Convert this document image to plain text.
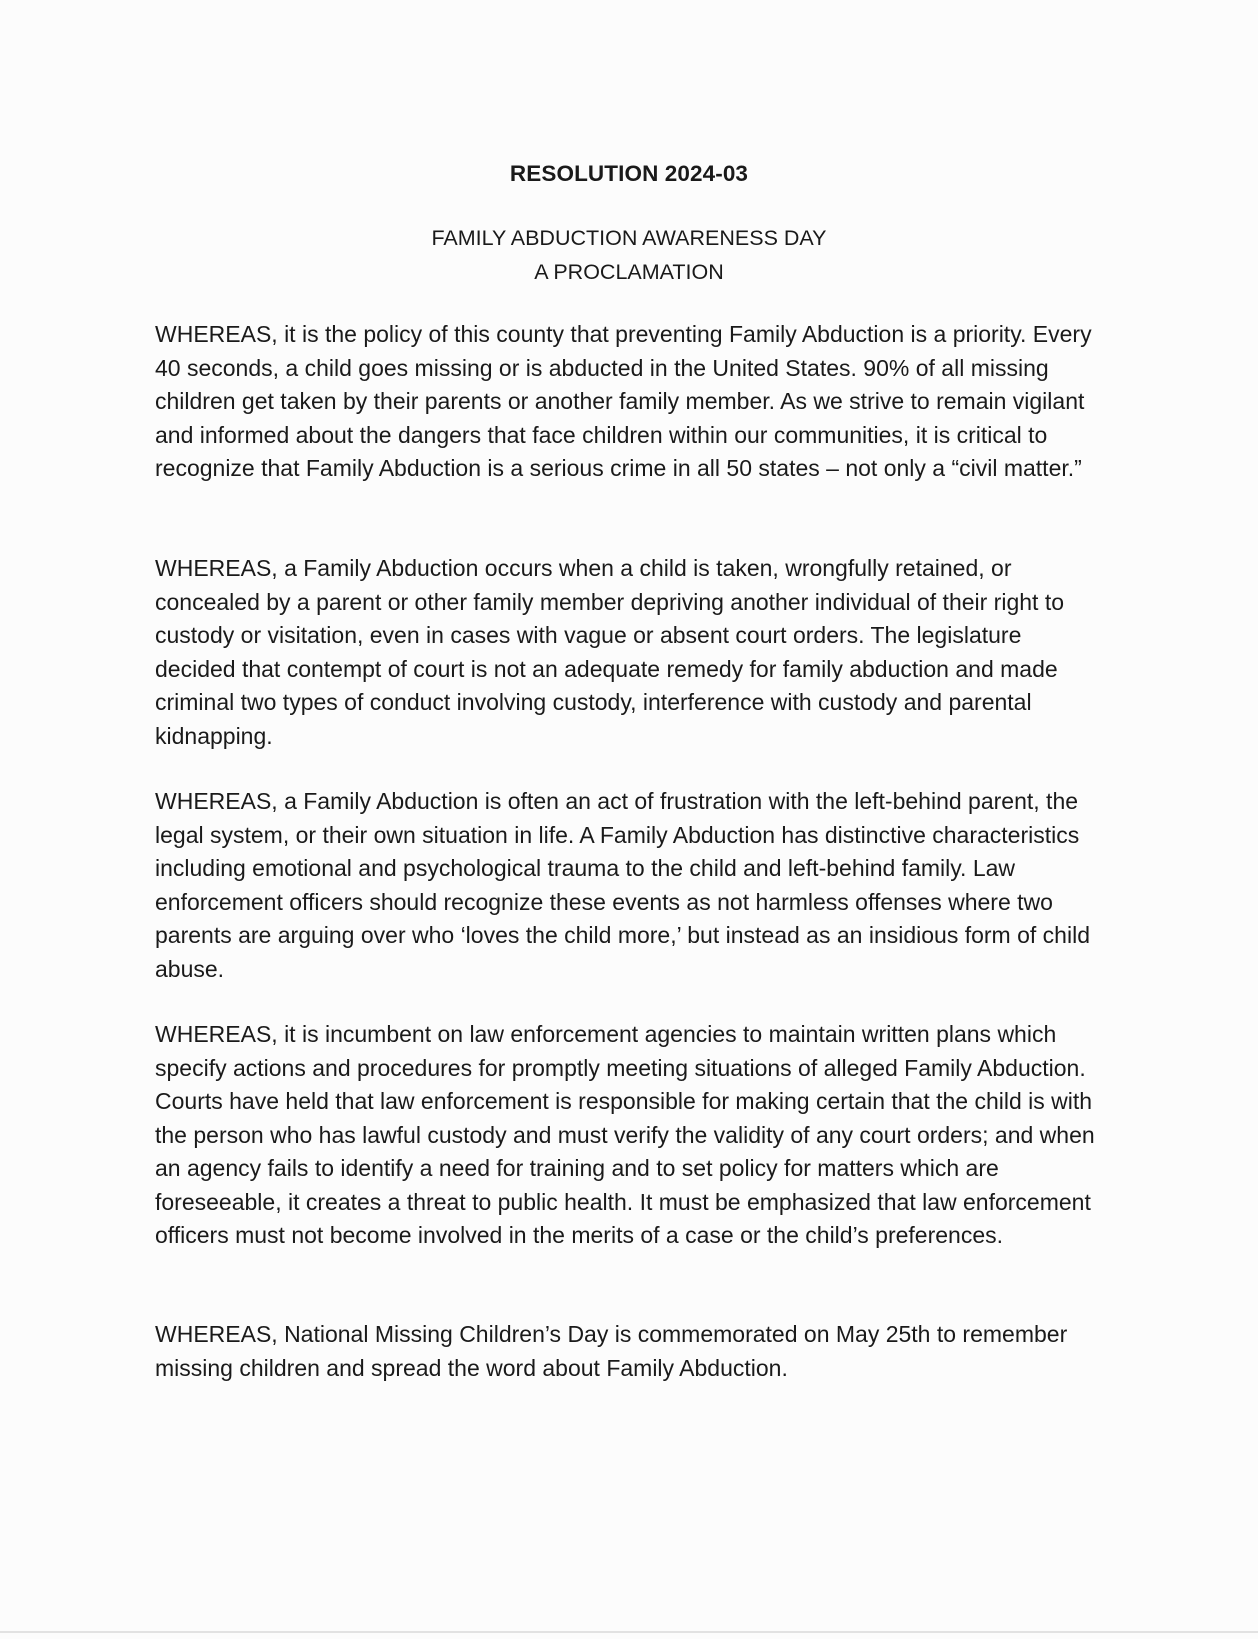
RESOLUTION 2024-03
FAMILY ABDUCTION AWARENESS DAY
A PROCLAMATION

WHEREAS, it is the policy of this county that preventing Family Abduction is a priority. Every 40 seconds, a child goes missing or is abducted in the United States. 90% of all missing children get taken by their parents or another family member. As we strive to remain vigilant and informed about the dangers that face children within our communities, it is critical to recognize that Family Abduction is a serious crime in all 50 states – not only a “civil matter.”

WHEREAS, a Family Abduction occurs when a child is taken, wrongfully retained, or concealed by a parent or other family member depriving another individual of their right to custody or visitation, even in cases with vague or absent court orders. The legislature decided that contempt of court is not an adequate remedy for family abduction and made criminal two types of conduct involving custody, interference with custody and parental kidnapping.

WHEREAS, a Family Abduction is often an act of frustration with the left-behind parent, the legal system, or their own situation in life. A Family Abduction has distinctive characteristics including emotional and psychological trauma to the child and left-behind family. Law enforcement officers should recognize these events as not harmless offenses where two parents are arguing over who ‘loves the child more,’ but instead as an insidious form of child abuse.

WHEREAS, it is incumbent on law enforcement agencies to maintain written plans which specify actions and procedures for promptly meeting situations of alleged Family Abduction. Courts have held that law enforcement is responsible for making certain that the child is with the person who has lawful custody and must verify the validity of any court orders; and when an agency fails to identify a need for training and to set policy for matters which are foreseeable, it creates a threat to public health. It must be emphasized that law enforcement officers must not become involved in the merits of a case or the child’s preferences.

WHEREAS, National Missing Children’s Day is commemorated on May 25th to remember missing children and spread the word about Family Abduction.
